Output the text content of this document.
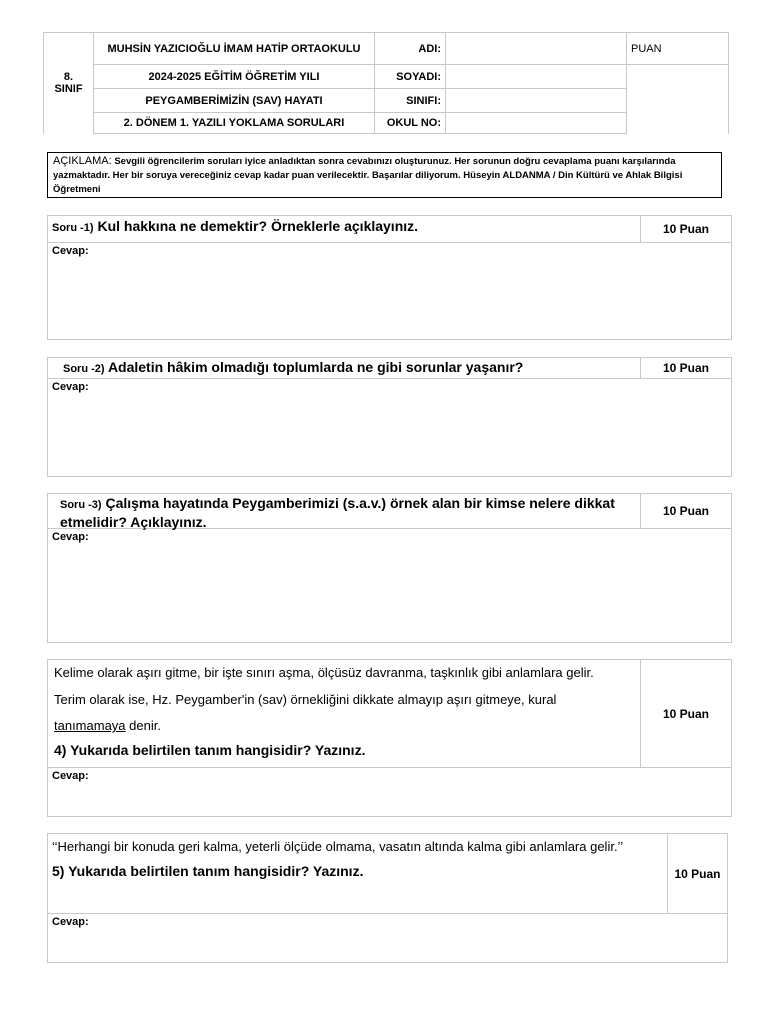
8.
SINIF	MUHSİN YAZICIOĞLU İMAM HATİP ORTAOKULU	ADI:		PUAN
	2024-2025 EĞİTİM ÖĞRETİM YILI	SOYADI:		
	PEYGAMBERİMİZİN (SAV) HAYATI	SINIFI:		
	2. DÖNEM 1. YAZILI YOKLAMA SORULARI	OKUL NO:		
AÇIKLAMA: Sevgili öğrencilerim soruları iyice anladıktan sonra cevabınızı oluşturunuz. Her sorunun doğru cevaplama puanı karşılarında yazmaktadır. Her bir soruya vereceğiniz cevap kadar puan verilecektir. Başarılar diliyorum. Hüseyin ALDANMA / Din Kültürü ve Ahlak Bilgisi Öğretmeni
Soru -1) Kul hakkına ne demektir? Örneklerle açıklayınız.	10 Puan
Cevap:
Soru -2) Adaletin hâkim olmadığı toplumlarda ne gibi sorunlar yaşanır?	10 Puan
Cevap:
Soru -3) Çalışma hayatında Peygamberimizi (s.a.v.) örnek alan bir kimse nelere dikkat etmelidir? Açıklayınız.
10 Puan
Cevap:
Kelime olarak aşırı gitme, bir işte sınırı aşma, ölçüsüz davranma, taşkınlık gibi anlamlara gelir.
Terim olarak ise, Hz. Peygamber'in (sav) örnekliğini dikkate almayıp aşırı gitmeye, kural
tanımamaya denir.
4) Yukarıda belirtilen tanım hangisidir? Yazınız.
10 Puan
Cevap:
‘‘Herhangi bir konuda geri kalma, yeterli ölçüde olmama, vasatın altında kalma gibi anlamlara gelir.’’
5) Yukarıda belirtilen tanım hangisidir? Yazınız.	10 Puan
Cevap:
